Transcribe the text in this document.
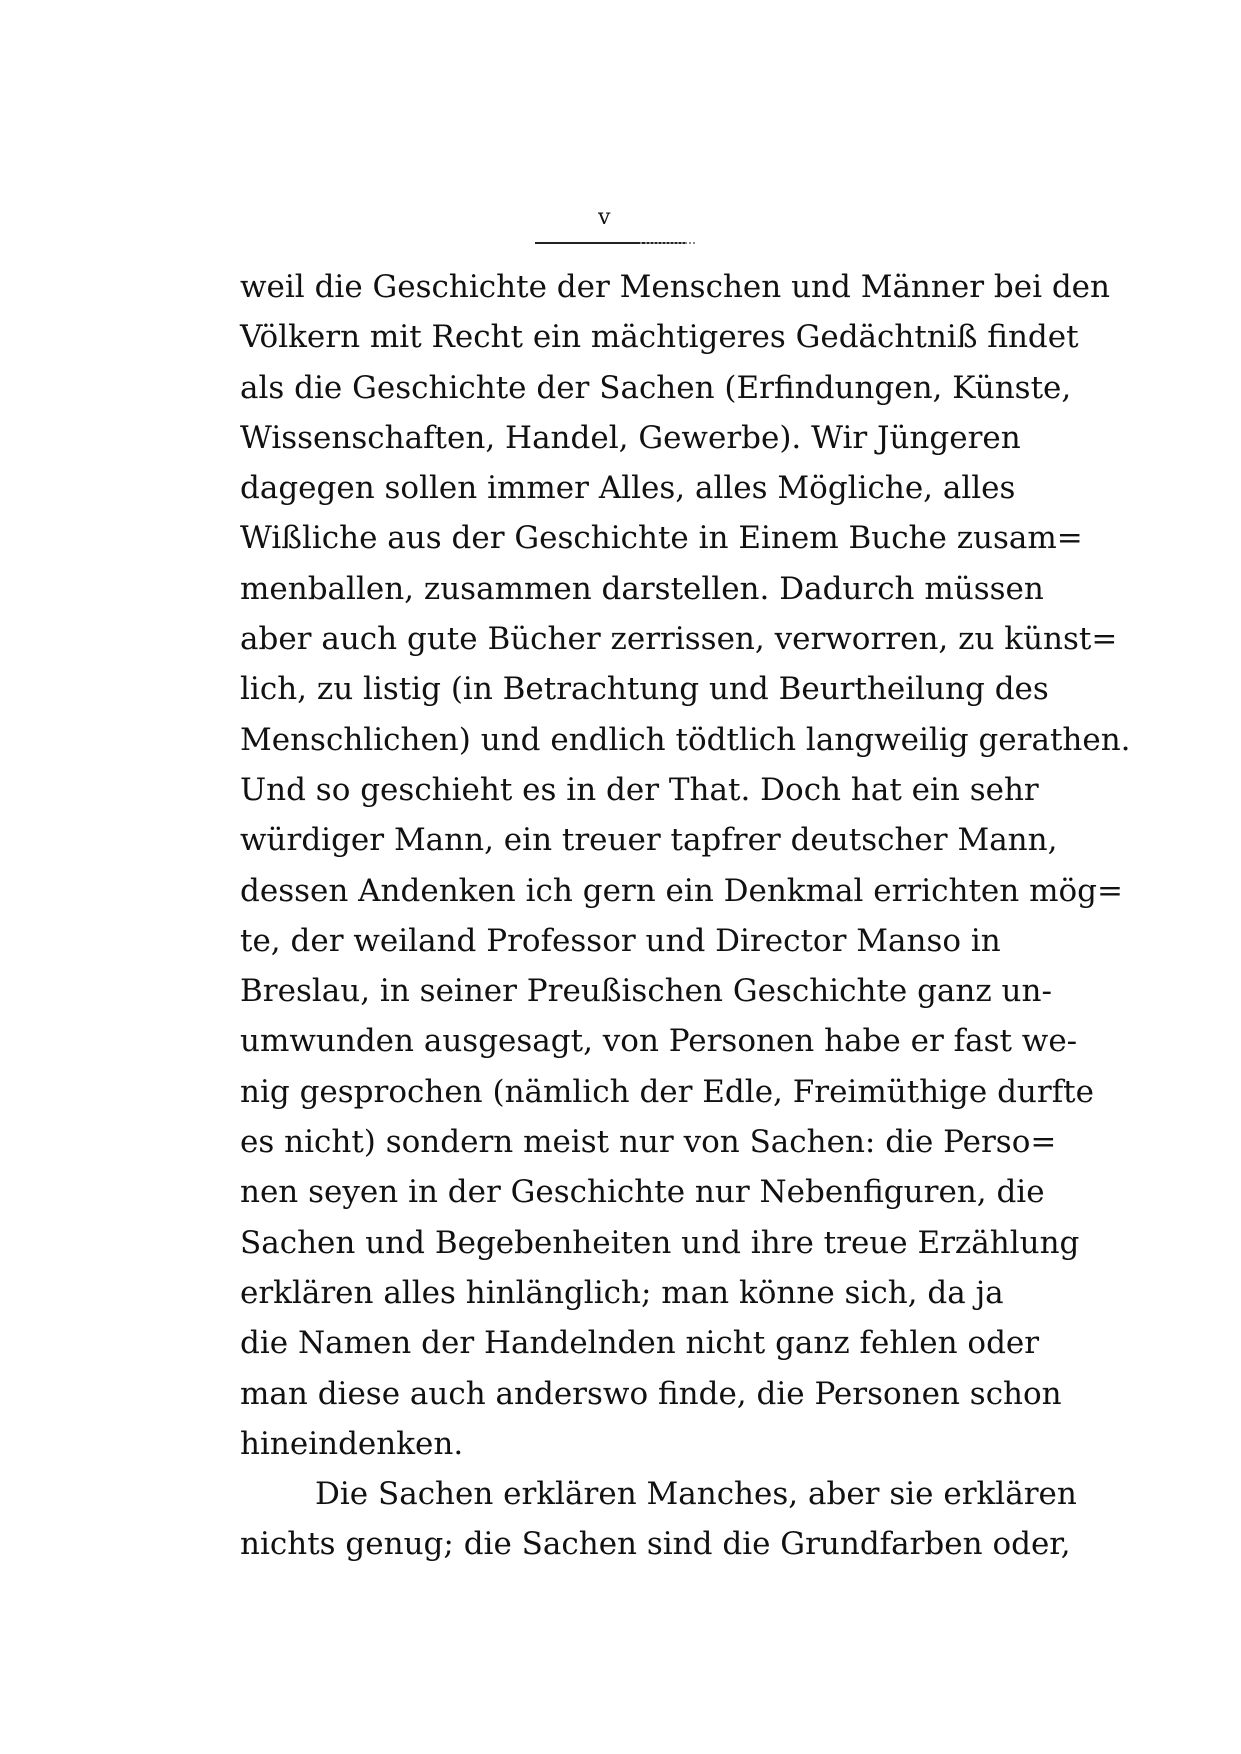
v
weil die Geschichte der Menschen und Männer bei den
Völkern mit Recht ein mächtigeres Gedächtniß findet
als die Geschichte der Sachen (Erfindungen, Künste,
Wissenschaften, Handel, Gewerbe). Wir Jüngeren
dagegen sollen immer Alles, alles Mögliche, alles
Wißliche aus der Geschichte in Einem Buche zusam=
menballen, zusammen darstellen. Dadurch müssen
aber auch gute Bücher zerrissen, verworren, zu künst=
lich, zu listig (in Betrachtung und Beurtheilung des
Menschlichen) und endlich tödtlich langweilig gerathen.
Und so geschieht es in der That. Doch hat ein sehr
würdiger Mann, ein treuer tapfrer deutscher Mann,
dessen Andenken ich gern ein Denkmal errichten mög=
te, der weiland Professor und Director Manso in
Breslau, in seiner Preußischen Geschichte ganz un-
umwunden ausgesagt, von Personen habe er fast we-
nig gesprochen (nämlich der Edle, Freimüthige durfte
es nicht) sondern meist nur von Sachen: die Perso=
nen seyen in der Geschichte nur Nebenfiguren, die
Sachen und Begebenheiten und ihre treue Erzählung
erklären alles hinlänglich; man könne sich, da ja
die Namen der Handelnden nicht ganz fehlen oder
man diese auch anderswo finde, die Personen schon
hineindenken.
Die Sachen erklären Manches, aber sie erklären
nichts genug; die Sachen sind die Grundfarben oder,
